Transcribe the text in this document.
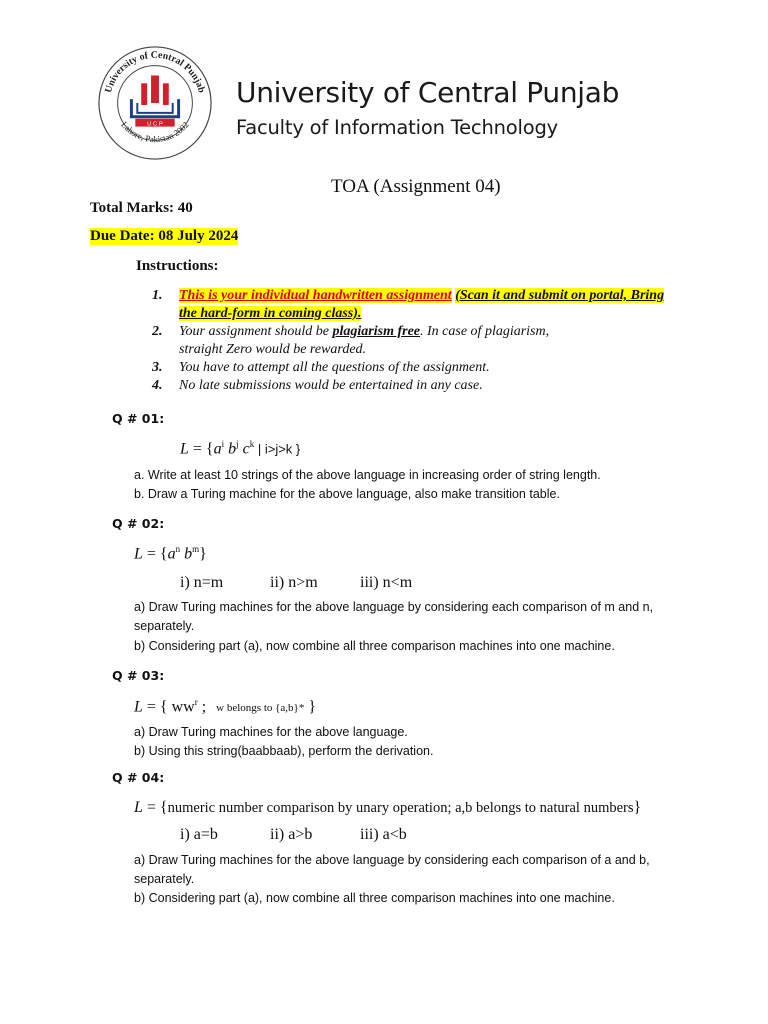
University of Central Punjab
Lahore, Pakistan 2002
U C P
University of Central Punjab
Faculty of Information Technology
TOA (Assignment 04)
Total Marks: 40
Due Date: 08 July 2024
Instructions:
1.	This is your individual handwritten assignment (Scan it and submit on portal, Bring the hard-form in coming class).
2.	Your assignment should be plagiarism free. In case of plagiarism,
straight Zero would be rewarded.
3.	You have to attempt all the questions of the assignment.
4.	No late submissions would be entertained in any case.
Q # 01:
$L = \{a^i$ $b^j$ $c^k$ | i>j>k }
a. Write at least 10 strings of the above language in increasing order of string length.
b. Draw a Turing machine for the above language, also make transition table.
Q # 02:
$L = \{a^n$ $b^m$}
i) n=m	ii) n>m	iii) n<m
a) Draw Turing machines for the above language by considering each comparison of m and n, separately.
b) Considering part (a), now combine all three comparison machines into one machine.
Q # 03:
L = { $ww^r$ ; w belongs to {a,b}* }
a) Draw Turing machines for the above language.
b) Using this string(baabbaab), perform the derivation.
Q # 04:
L = {numeric number comparison by unary operation; a,b belongs to natural numbers}
i) a=b	ii) a>b	iii) a<b
a) Draw Turing machines for the above language by considering each comparison of a and b, separately.
b) Considering part (a), now combine all three comparison machines into one machine.
